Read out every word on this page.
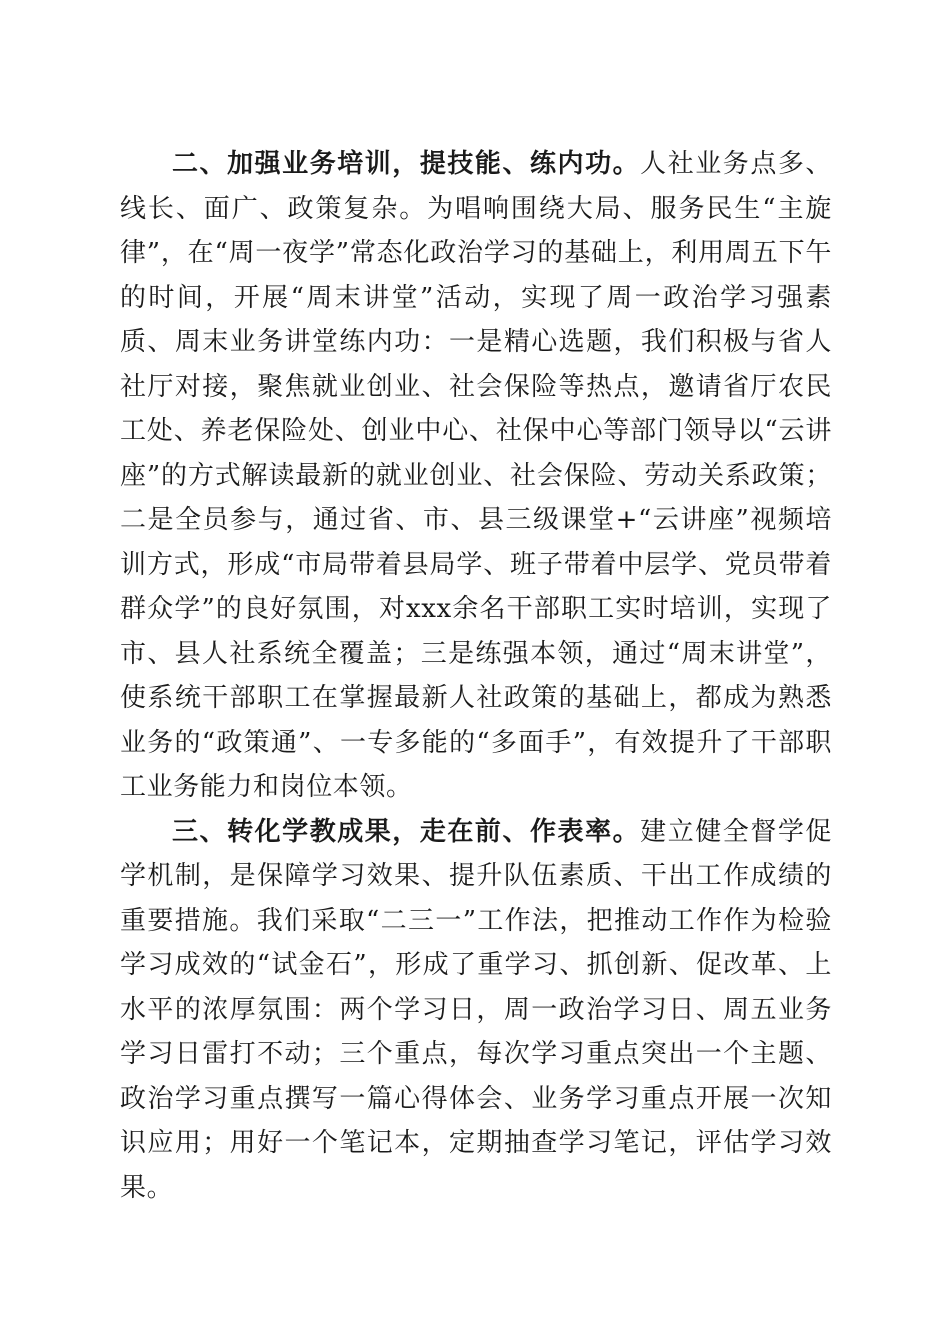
二、加强业务培训，提技能、练内功。人社业务点多、线长、面广、政策复杂。为唱响围绕大局、服务民生“主旋律”，在“周一夜学”常态化政治学习的基础上，利用周五下午的时间，开展“周末讲堂”活动，实现了周一政治学习强素质、周末业务讲堂练内功：一是精心选题，我们积极与省人社厅对接，聚焦就业创业、社会保险等热点，邀请省厅农民工处、养老保险处、创业中心、社保中心等部门领导以“云讲座”的方式解读最新的就业创业、社会保险、劳动关系政策；二是全员参与，通过省、市、县三级课堂+“云讲座”视频培训方式，形成“市局带着县局学、班子带着中层学、党员带着群众学”的良好氛围，对xxx余名干部职工实时培训，实现了市、县人社系统全覆盖；三是练强本领，通过“周末讲堂”，使系统干部职工在掌握最新人社政策的基础上，都成为熟悉业务的“政策通”、一专多能的“多面手”，有效提升了干部职工业务能力和岗位本领。

三、转化学教成果，走在前、作表率。建立健全督学促学机制，是保障学习效果、提升队伍素质、干出工作成绩的重要措施。我们采取“二三一”工作法，把推动工作作为检验学习成效的“试金石”，形成了重学习、抓创新、促改革、上水平的浓厚氛围：两个学习日，周一政治学习日、周五业务学习日雷打不动；三个重点，每次学习重点突出一个主题、政治学习重点撰写一篇心得体会、业务学习重点开展一次知识应用；用好一个笔记本，定期抽查学习笔记，评估学习效果。
